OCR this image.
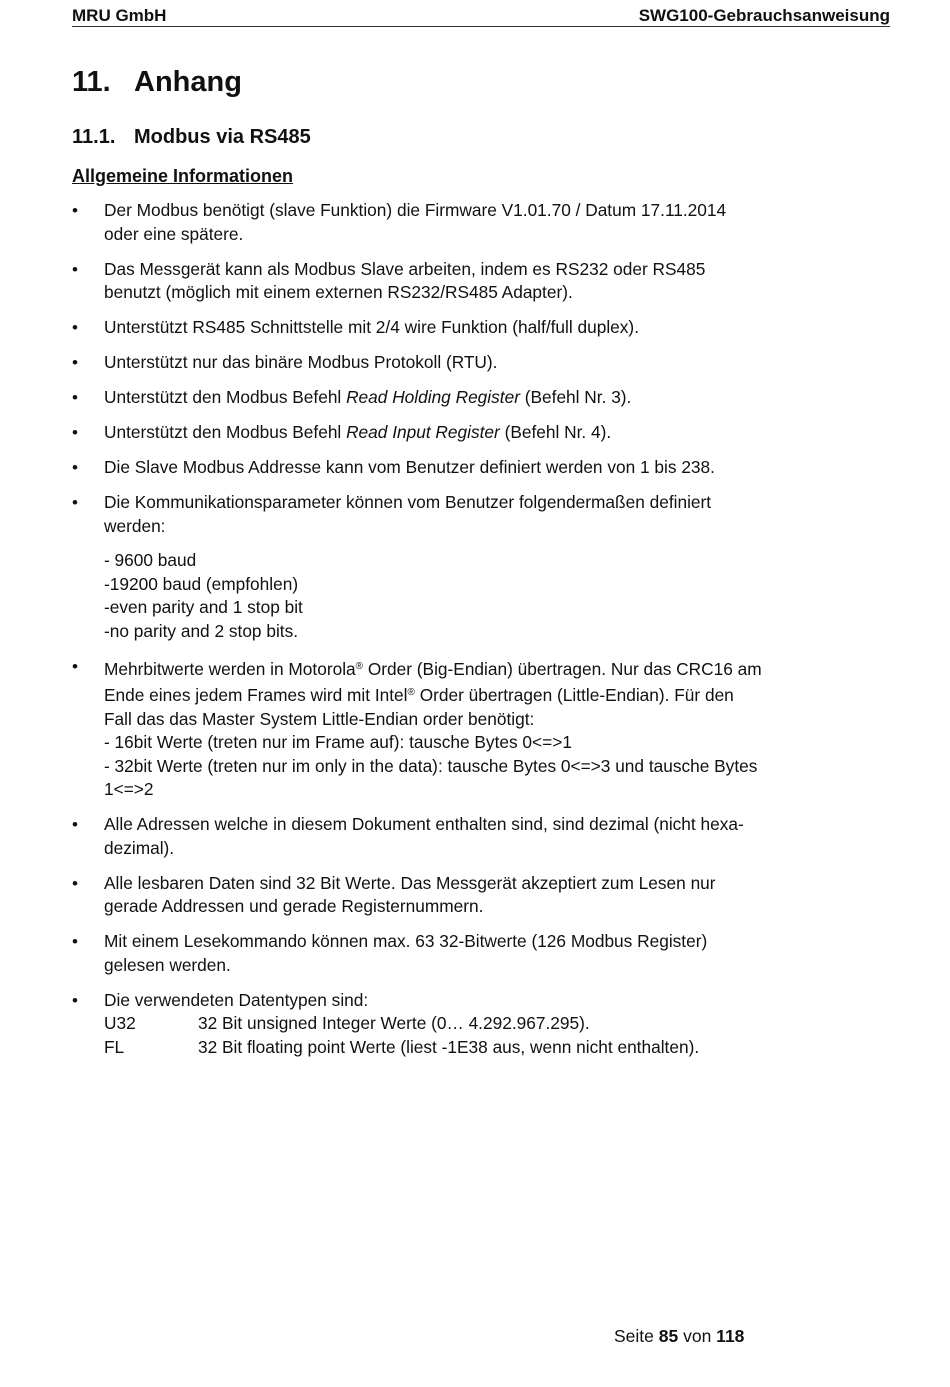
MRU GmbH	SWG100-Gebrauchsanweisung
11. Anhang
11.1. Modbus via RS485
Allgemeine Informationen
• Der Modbus benötigt (slave Funktion) die Firmware V1.01.70 / Datum 17.11.2014 oder eine spätere.
• Das Messgerät kann als Modbus Slave arbeiten, indem es RS232 oder RS485 benutzt (möglich mit einem externen RS232/RS485 Adapter).
• Unterstützt RS485 Schnittstelle mit 2/4 wire Funktion (half/full duplex).
• Unterstützt nur das binäre Modbus Protokoll (RTU).
• Unterstützt den Modbus Befehl Read Holding Register (Befehl Nr. 3).
• Unterstützt den Modbus Befehl Read Input Register (Befehl Nr. 4).
• Die Slave Modbus Addresse kann vom Benutzer definiert werden von 1 bis 238.
• Die Kommunikationsparameter können vom Benutzer folgendermaßen definiert werden:
- 9600 baud
-19200 baud (empfohlen)
-even parity and 1 stop bit
-no parity and 2 stop bits.
• Mehrbitwerte werden in Motorola® Order (Big-Endian) übertragen. Nur das CRC16 am Ende eines jedem Frames wird mit Intel® Order übertragen (Little-Endian). Für den Fall das das Master System Little-Endian order benötigt:
- 16bit Werte (treten nur im Frame auf): tausche Bytes 0<=>1
- 32bit Werte (treten nur im only in the data): tausche Bytes 0<=>3 und tausche Bytes 1<=>2
• Alle Adressen welche in diesem Dokument enthalten sind, sind dezimal (nicht hexa-dezimal).
• Alle lesbaren Daten sind 32 Bit Werte. Das Messgerät akzeptiert zum Lesen nur gerade Addressen und gerade Registernummern.
• Mit einem Lesekommando können max. 63 32-Bitwerte (126 Modbus Register) gelesen werden.
• Die verwendeten Datentypen sind:
U32	32 Bit unsigned Integer Werte (0… 4.292.967.295).
FL	32 Bit floating point Werte (liest -1E38 aus, wenn nicht enthalten).
Seite 85 von 118
